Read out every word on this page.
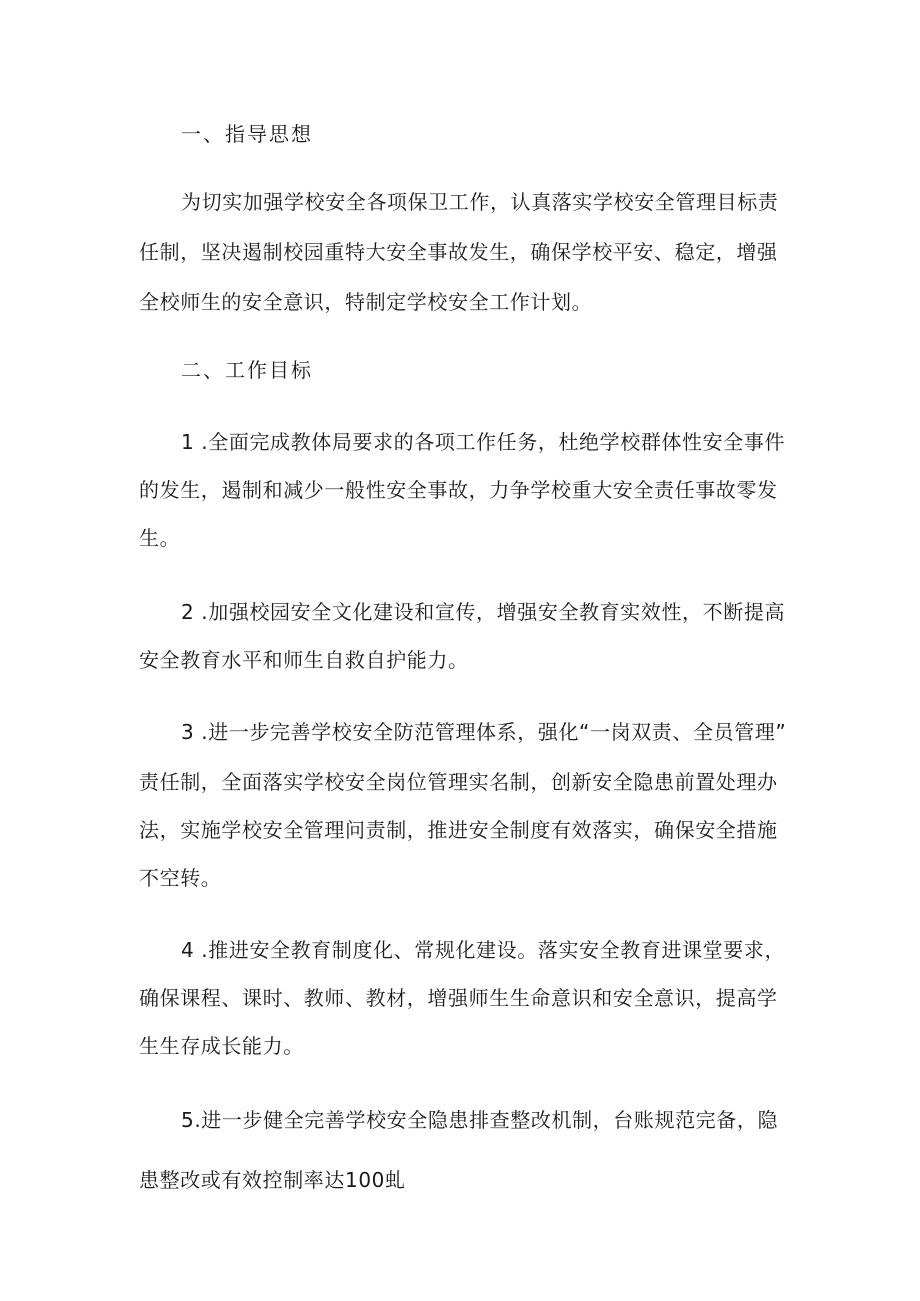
一、指导思想
为切实加强学校安全各项保卫工作，认真落实学校安全管理目标责
任制，坚决遏制校园重特大安全事故发生，确保学校平安、稳定，增强
全校师生的安全意识，特制定学校安全工作计划。
二、工作目标
1 .全面完成教体局要求的各项工作任务，杜绝学校群体性安全事件
的发生，遏制和减少一般性安全事故，力争学校重大安全责任事故零发
生。
2 .加强校园安全文化建设和宣传，增强安全教育实效性，不断提高
安全教育水平和师生自救自护能力。
3 .进一步完善学校安全防范管理体系，强化“一岗双责、全员管理”
责任制，全面落实学校安全岗位管理实名制，创新安全隐患前置处理办
法，实施学校安全管理问责制，推进安全制度有效落实，确保安全措施
不空转。
4 .推进安全教育制度化、常规化建设。落实安全教育进课堂要求，
确保课程、课时、教师、教材，增强师生生命意识和安全意识，提高学
生生存成长能力。
5.进一步健全完善学校安全隐患排查整改机制，台账规范完备，隐
患整改或有效控制率达100虬
